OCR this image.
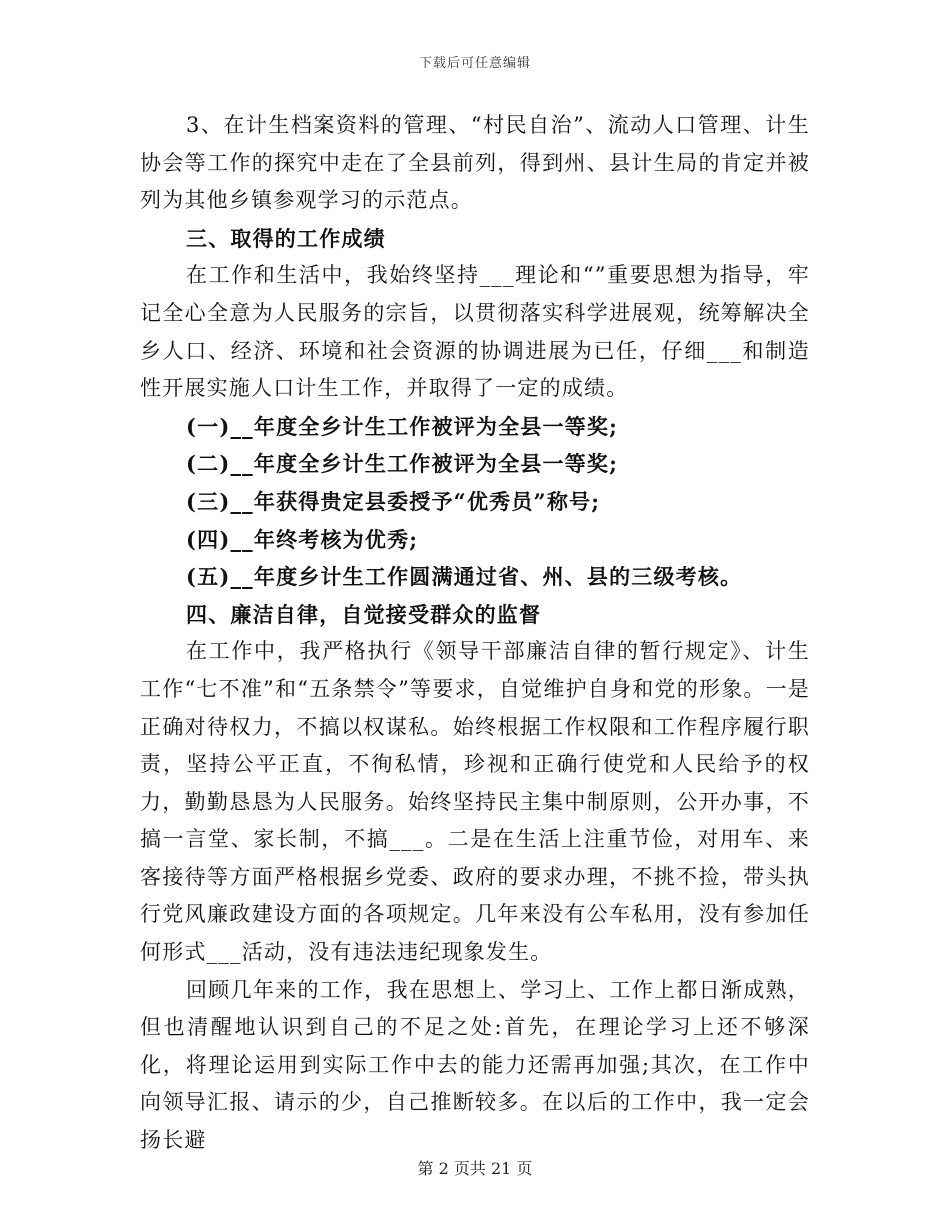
下载后可任意编辑

3、在计生档案资料的管理、“村民自治”、流动人口管理、计生协会等工作的探究中走在了全县前列，得到州、县计生局的肯定并被列为其他乡镇参观学习的示范点。

三、取得的工作成绩

在工作和生活中，我始终坚持___理论和“”重要思想为指导，牢记全心全意为人民服务的宗旨，以贯彻落实科学进展观，统筹解决全乡人口、经济、环境和社会资源的协调进展为已任，仔细___和制造性开展实施人口计生工作，并取得了一定的成绩。

(一)__年度全乡计生工作被评为全县一等奖;

(二)__年度全乡计生工作被评为全县一等奖;

(三)__年获得贵定县委授予“优秀员”称号;

(四)__年终考核为优秀;

(五)__年度乡计生工作圆满通过省、州、县的三级考核。

四、廉洁自律，自觉接受群众的监督

在工作中，我严格执行《领导干部廉洁自律的暂行规定》、计生工作“七不准”和“五条禁令”等要求，自觉维护自身和党的形象。一是正确对待权力，不搞以权谋私。始终根据工作权限和工作程序履行职责，坚持公平正直，不徇私情，珍视和正确行使党和人民给予的权力，勤勤恳恳为人民服务。始终坚持民主集中制原则，公开办事，不搞一言堂、家长制，不搞___。二是在生活上注重节俭，对用车、来客接待等方面严格根据乡党委、政府的要求办理，不挑不捡，带头执行党风廉政建设方面的各项规定。几年来没有公车私用，没有参加任何形式___活动，没有违法违纪现象发生。

回顾几年来的工作，我在思想上、学习上、工作上都日渐成熟，但也清醒地认识到自己的不足之处:首先，在理论学习上还不够深化，将理论运用到实际工作中去的能力还需再加强;其次，在工作中向领导汇报、请示的少，自己推断较多。在以后的工作中，我一定会扬长避

第 2 页共 21 页
